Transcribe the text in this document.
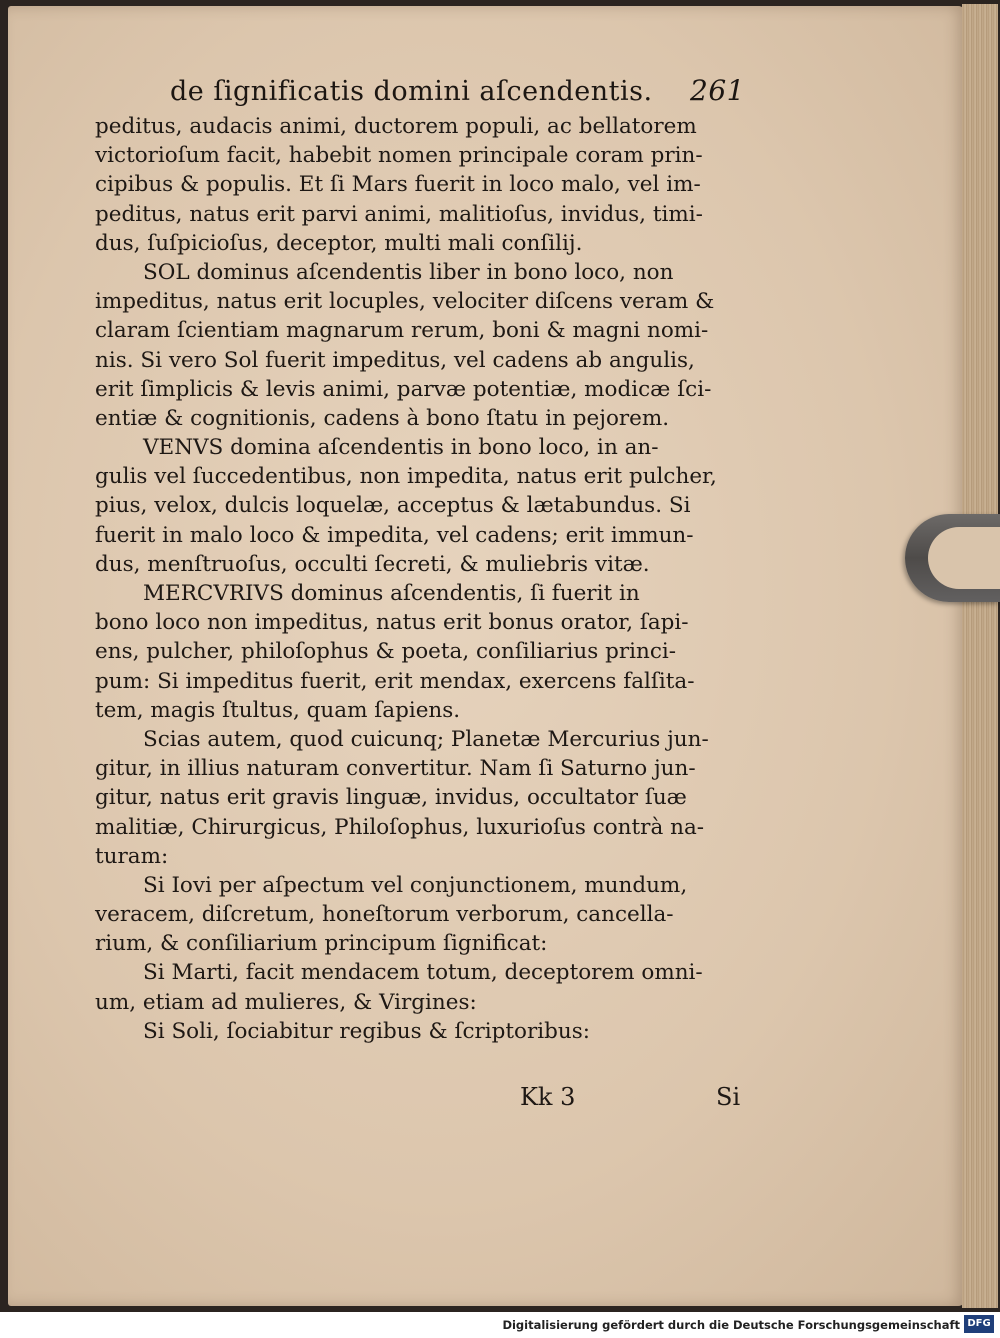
de ſignificatis domini aſcendentis. 261
peditus, audacis animi, ductorem populi, ac bellatorem
victorioſum facit, habebit nomen principale coram prin-
cipibus & populis. Et ſi Mars fuerit in loco malo, vel im-
peditus, natus erit parvi animi, malitioſus, invidus, timi-
dus, ſuſpicioſus, deceptor, multi mali conſilij.
SOL dominus aſcendentis liber in bono loco, non
impeditus, natus erit locuples, velociter diſcens veram &
claram ſcientiam magnarum rerum, boni & magni nomi-
nis. Si vero Sol fuerit impeditus, vel cadens ab angulis,
erit ſimplicis & levis animi, parvæ potentiæ, modicæ ſci-
entiæ & cognitionis, cadens à bono ſtatu in pejorem.
VENVS domina aſcendentis in bono loco, in an-
gulis vel ſuccedentibus, non impedita, natus erit pulcher,
pius, velox, dulcis loquelæ, acceptus & lætabundus. Si
fuerit in malo loco & impedita, vel cadens; erit immun-
dus, menſtruoſus, occulti ſecreti, & muliebris vitæ.
MERCVRIVS dominus aſcendentis, ſi fuerit in
bono loco non impeditus, natus erit bonus orator, ſapi-
ens, pulcher, philoſophus & poeta, conſiliarius princi-
pum: Si impeditus fuerit, erit mendax, exercens falſita-
tem, magis ſtultus, quam ſapiens.
Scias autem, quod cuicunq; Planetæ Mercurius jun-
gitur, in illius naturam convertitur. Nam ſi Saturno jun-
gitur, natus erit gravis linguæ, invidus, occultator ſuæ
malitiæ, Chirurgicus, Philoſophus, luxurioſus contrà na-
turam:
Si Iovi per aſpectum vel conjunctionem, mundum,
veracem, diſcretum, honeſtorum verborum, cancella-
rium, & conſiliarium principum ſignificat:
Si Marti, facit mendacem totum, deceptorem omni-
um, etiam ad mulieres, & Virgines:
Si Soli, ſociabitur regibus & ſcriptoribus:
Kk 3	Si
Digitalisierung gefördert durch die Deutsche Forschungsgemeinschaft DFG
